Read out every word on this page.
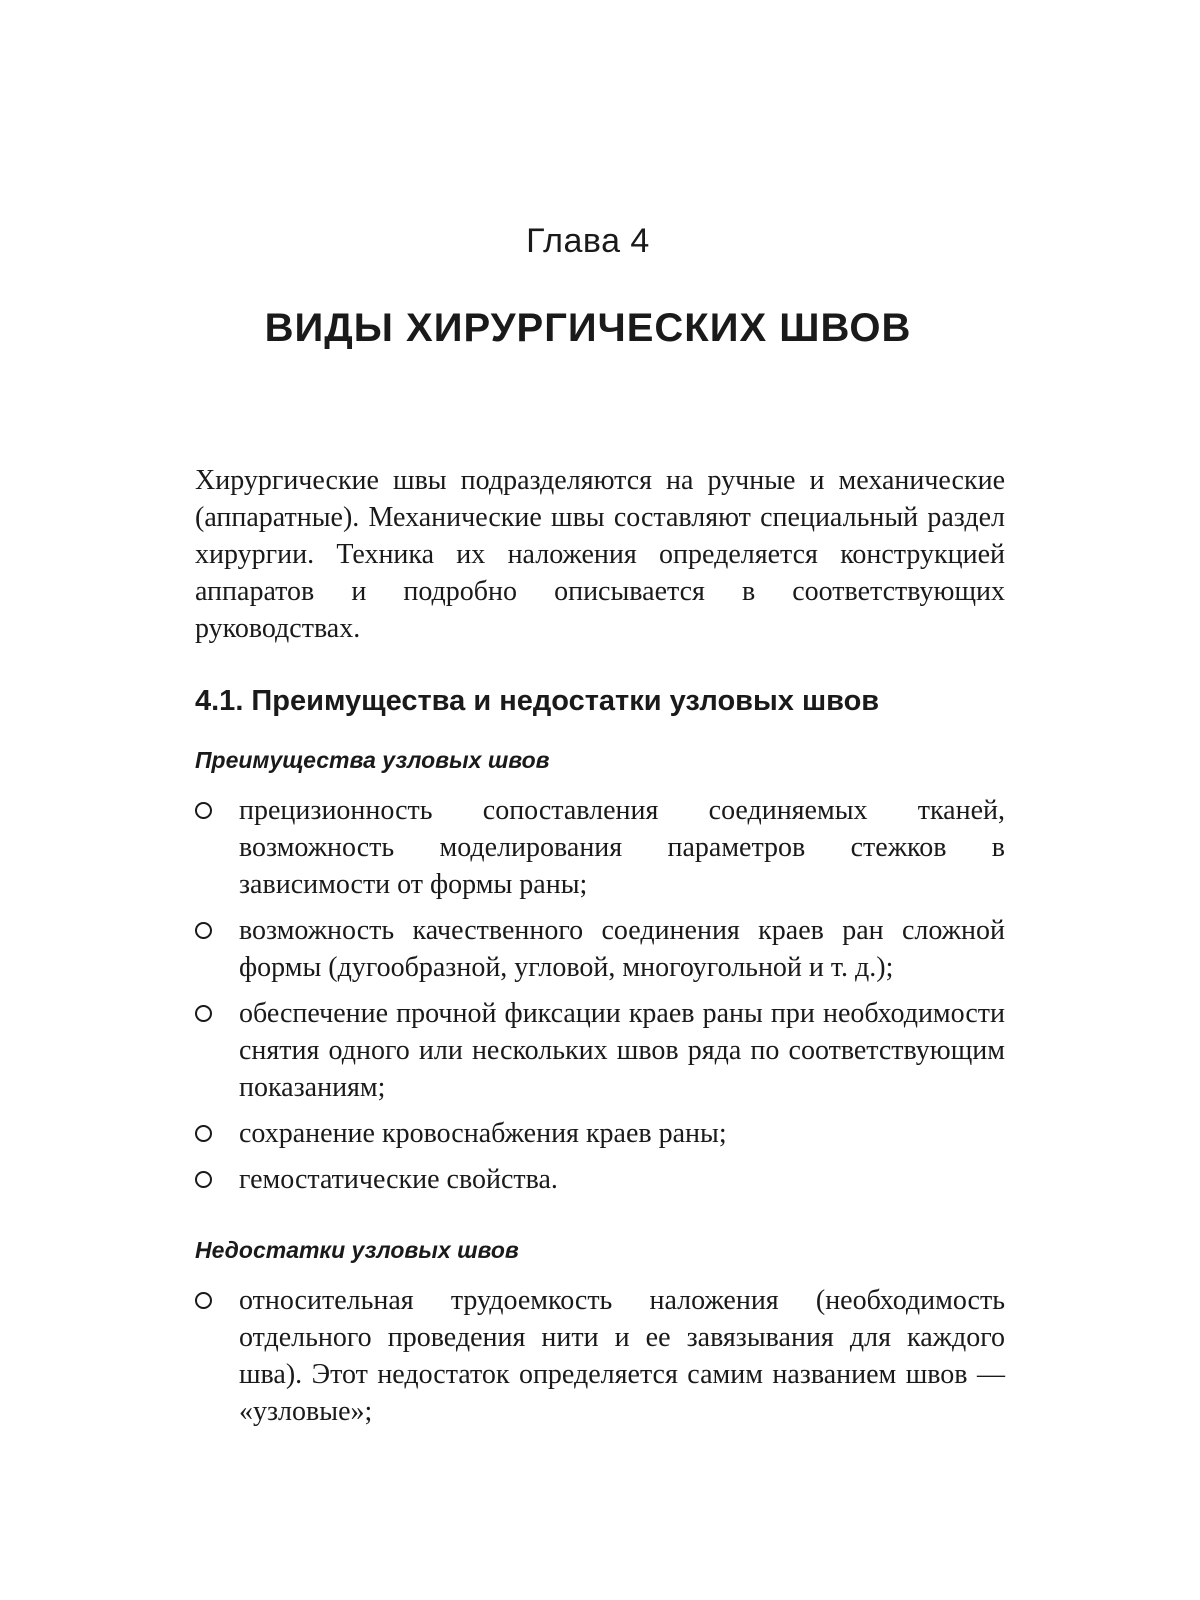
Глава 4
ВИДЫ ХИРУРГИЧЕСКИХ ШВОВ
Хирургические швы подразделяются на ручные и механические (аппаратные). Механические швы составляют специальный раздел хирургии. Техника их наложения определяется конструкцией аппаратов и подробно описывается в соответствующих руководствах.
4.1. Преимущества и недостатки узловых швов
Преимущества узловых швов
прецизионность сопоставления соединяемых тканей, возможность моделирования параметров стежков в зависимости от формы раны;
возможность качественного соединения краев ран сложной формы (дугообразной, угловой, многоугольной и т. д.);
обеспечение прочной фиксации краев раны при необходимости снятия одного или нескольких швов ряда по соответствующим показаниям;
сохранение кровоснабжения краев раны;
гемостатические свойства.
Недостатки узловых швов
относительная трудоемкость наложения (необходимость отдельного проведения нити и ее завязывания для каждого шва). Этот недостаток определяется самим названием швов — «узловые»;
